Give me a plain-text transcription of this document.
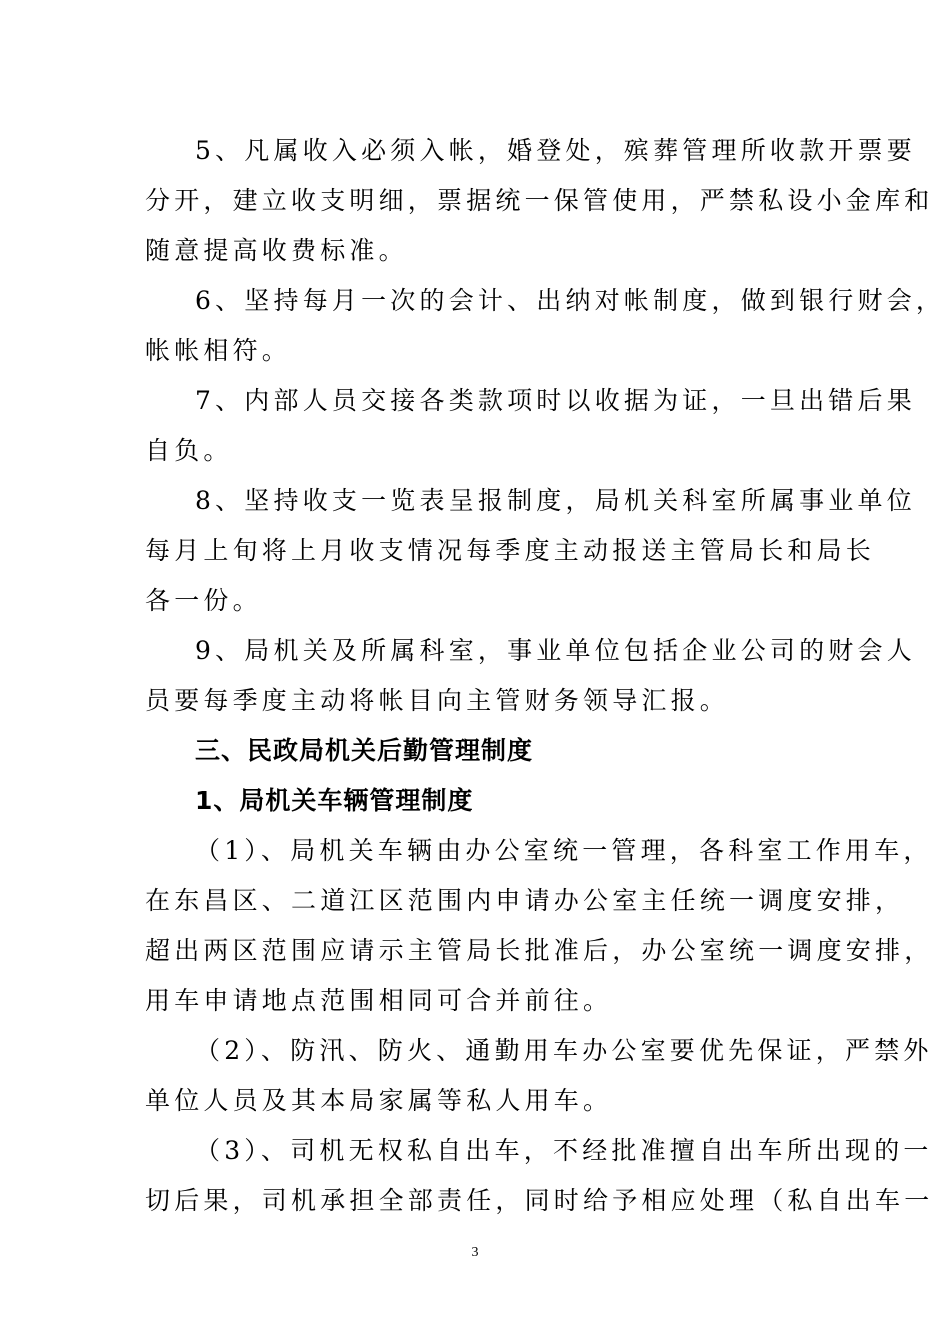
5、凡属收入必须入帐，婚登处，殡葬管理所收款开票要
分开，建立收支明细，票据统一保管使用，严禁私设小金库和
随意提高收费标准。
6、坚持每月一次的会计、出纳对帐制度，做到银行财会，
帐帐相符。
7、内部人员交接各类款项时以收据为证，一旦出错后果
自负。
8、坚持收支一览表呈报制度，局机关科室所属事业单位
每月上旬将上月收支情况每季度主动报送主管局长和局长
各一份。
9、局机关及所属科室，事业单位包括企业公司的财会人
员要每季度主动将帐目向主管财务领导汇报。
三、民政局机关后勤管理制度
1、局机关车辆管理制度
（1）、局机关车辆由办公室统一管理，各科室工作用车，
在东昌区、二道江区范围内申请办公室主任统一调度安排，
超出两区范围应请示主管局长批准后，办公室统一调度安排，
用车申请地点范围相同可合并前往。
（2）、防汛、防火、通勤用车办公室要优先保证，严禁外
单位人员及其本局家属等私人用车。
（3）、司机无权私自出车，不经批准擅自出车所出现的一
切后果，司机承担全部责任，同时给予相应处理（私自出车一
3
